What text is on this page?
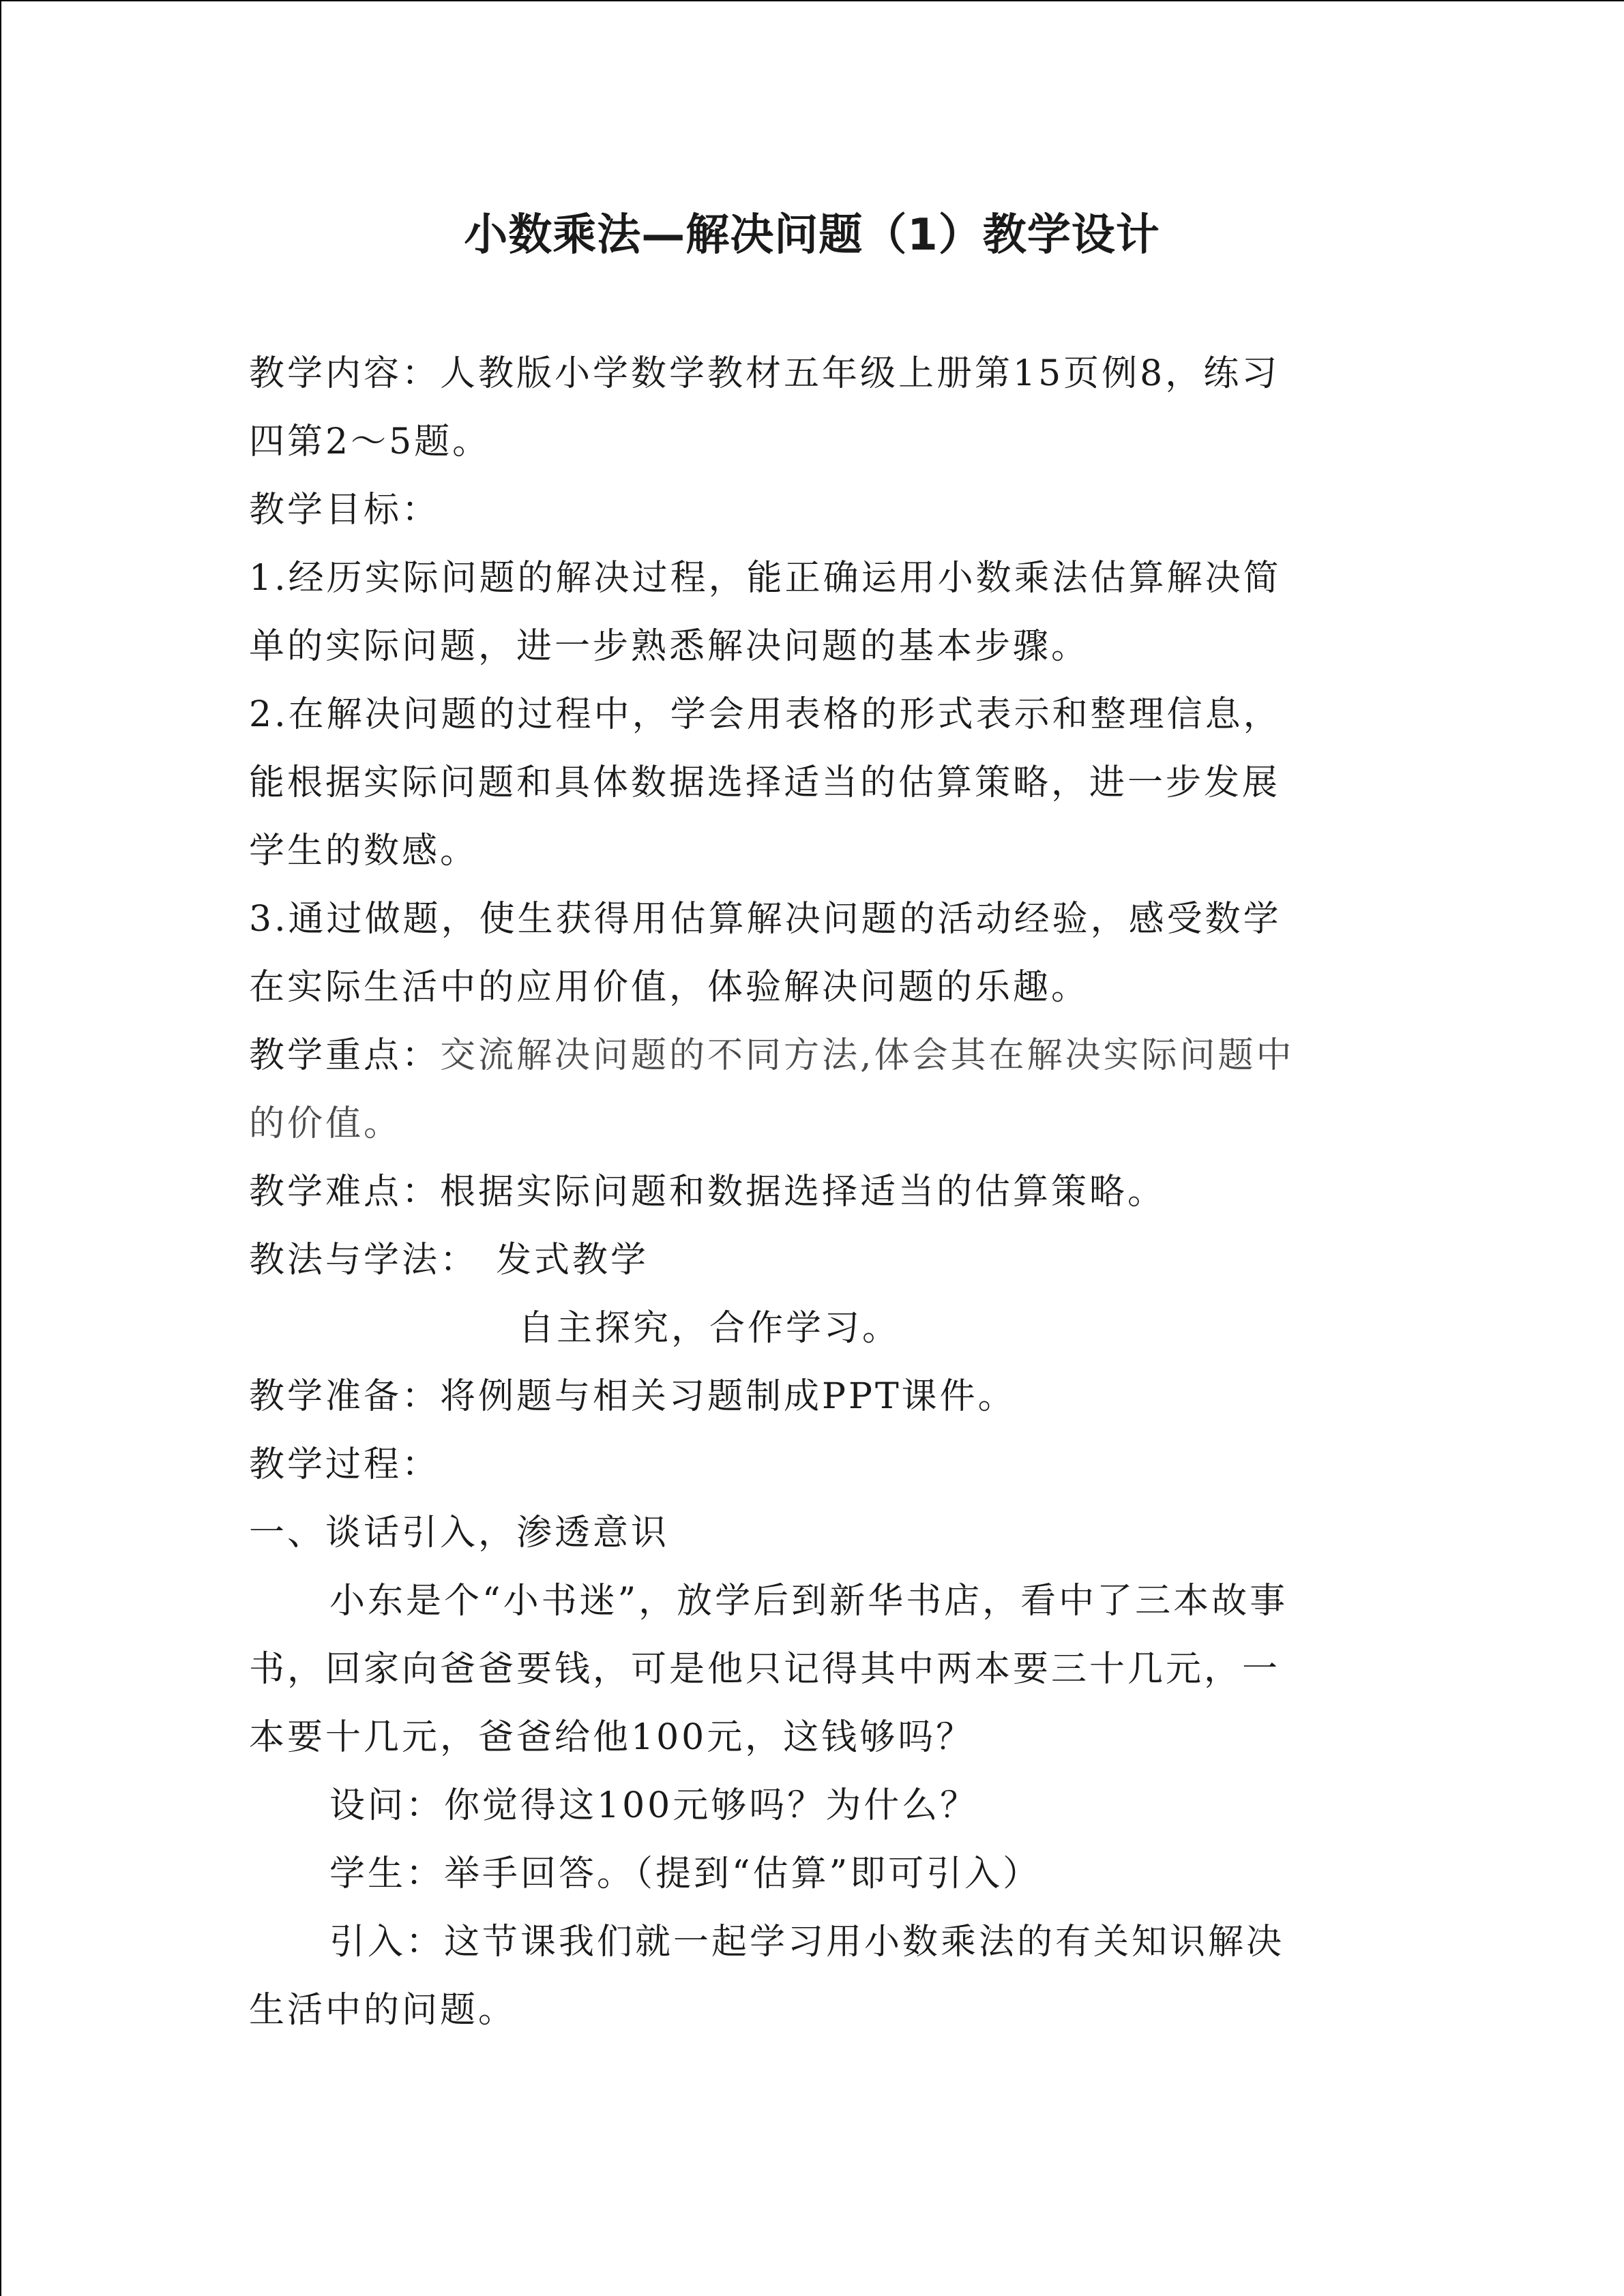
小数乘法—解决问题（1）教学设计
教学内容：人教版小学数学教材五年级上册第15页例8，练习
四第2～5题。
教学目标：
1.经历实际问题的解决过程，能正确运用小数乘法估算解决简
单的实际问题，进一步熟悉解决问题的基本步骤。
2.在解决问题的过程中，学会用表格的形式表示和整理信息，
能根据实际问题和具体数据选择适当的估算策略，进一步发展
学生的数感。
3.通过做题，使生获得用估算解决问题的活动经验，感受数学
在实际生活中的应用价值，体验解决问题的乐趣。
教学重点：交流解决问题的不同方法,体会其在解决实际问题中
的价值。
教学难点：根据实际问题和数据选择适当的估算策略。
教法与学法： 发式教学
自主探究，合作学习。
教学准备：将例题与相关习题制成PPT课件。
教学过程：
一、谈话引入，渗透意识
小东是个“小书迷”，放学后到新华书店，看中了三本故事
书，回家向爸爸要钱，可是他只记得其中两本要三十几元，一
本要十几元，爸爸给他100元，这钱够吗？
设问：你觉得这100元够吗？为什么？
学生：举手回答。（提到“估算”即可引入）
引入：这节课我们就一起学习用小数乘法的有关知识解决
生活中的问题。
